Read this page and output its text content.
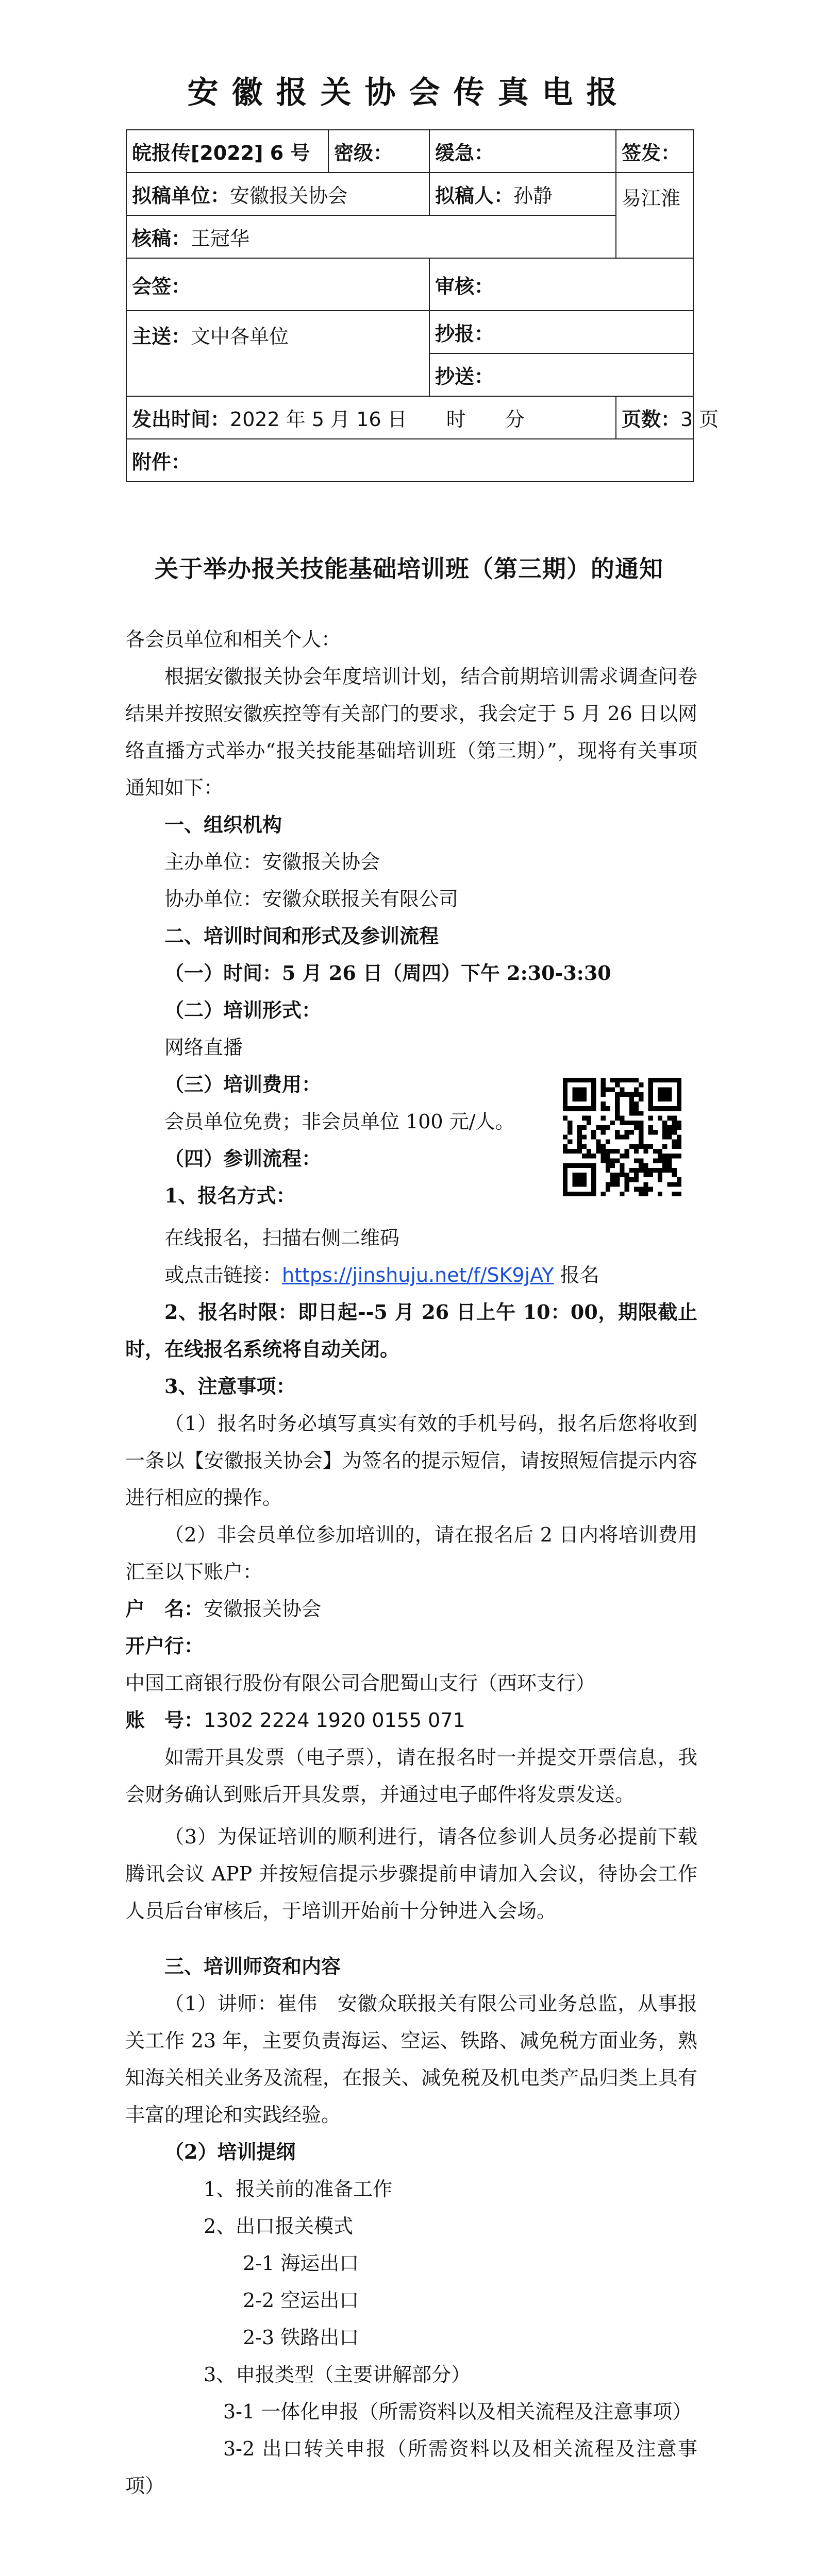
安徽报关协会传真电报
皖报传[2022] 6 号	密级：	缓急：	签发：
拟稿单位：安徽报关协会		拟稿人：孙静	易江淮
核稿：王冠华			
会签：		审核：	
主送：文中各单位		抄报：	
		抄送：	
发出时间：2022 年 5 月 16 日　　时　　分			页数：3 页
附件：			
关于举办报关技能基础培训班（第三期）的通知

各会员单位和相关个人：

根据安徽报关协会年度培训计划，结合前期培训需求调查问卷结果并按照安徽疾控等有关部门的要求，我会定于 5 月 26 日以网络直播方式举办“报关技能基础培训班（第三期）”，现将有关事项通知如下：

一、组织机构

主办单位：安徽报关协会

协办单位：安徽众联报关有限公司

二、培训时间和形式及参训流程

（一）时间：5 月 26 日（周四）下午 2:30-3:30

（二）培训形式：

网络直播

（三）培训费用：

会员单位免费；非会员单位 100 元/人。

（四）参训流程：

1、报名方式：

在线报名，扫描右侧二维码

或点击链接：https://jinshuju.net/f/SK9jAY 报名

2、报名时限：即日起--5 月 26 日上午 10：00，期限截止时，在线报名系统将自动关闭。

3、注意事项：

（1）报名时务必填写真实有效的手机号码，报名后您将收到一条以【安徽报关协会】为签名的提示短信，请按照短信提示内容进行相应的操作。

（2）非会员单位参加培训的，请在报名后 2 日内将培训费用汇至以下账户：

户　名：安徽报关协会

开户行：

中国工商银行股份有限公司合肥蜀山支行（西环支行）

账　号：1302 2224 1920 0155 071

如需开具发票（电子票），请在报名时一并提交开票信息，我会财务确认到账后开具发票，并通过电子邮件将发票发送。

（3）为保证培训的顺利进行，请各位参训人员务必提前下载腾讯会议 APP 并按短信提示步骤提前申请加入会议，待协会工作人员后台审核后，于培训开始前十分钟进入会场。

三、培训师资和内容

（1）讲师：崔伟　安徽众联报关有限公司业务总监，从事报关工作 23 年，主要负责海运、空运、铁路、减免税方面业务，熟知海关相关业务及流程，在报关、减免税及机电类产品归类上具有丰富的理论和实践经验。

（2）培训提纲

1、报关前的准备工作

2、出口报关模式

2-1 海运出口

2-2 空运出口

2-3 铁路出口

3、申报类型（主要讲解部分）

3-1 一体化申报（所需资料以及相关流程及注意事项）

3-2 出口转关申报（所需资料以及相关流程及注意事项）
